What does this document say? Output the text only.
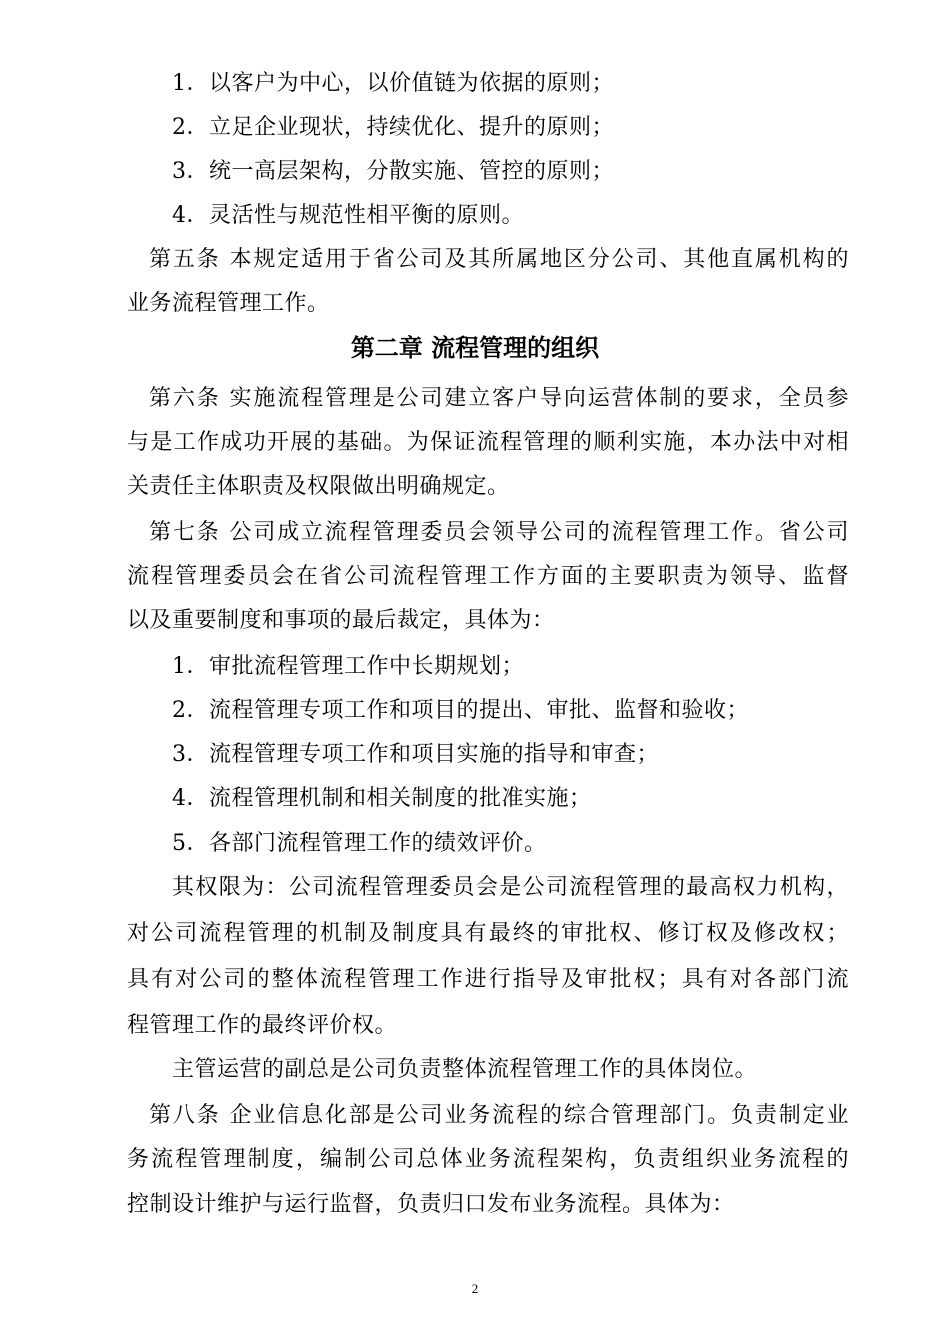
1．以客户为中心，以价值链为依据的原则；

2．立足企业现状，持续优化、提升的原则；

3．统一高层架构，分散实施、管控的原则；

4．灵活性与规范性相平衡的原则。

第五条 本规定适用于省公司及其所属地区分公司、其他直属机构的

业务流程管理工作。

第二章 流程管理的组织

第六条 实施流程管理是公司建立客户导向运营体制的要求，全员参

与是工作成功开展的基础。为保证流程管理的顺利实施，本办法中对相

关责任主体职责及权限做出明确规定。

第七条 公司成立流程管理委员会领导公司的流程管理工作。省公司

流程管理委员会在省公司流程管理工作方面的主要职责为领导、监督

以及重要制度和事项的最后裁定，具体为：

1．审批流程管理工作中长期规划；

2．流程管理专项工作和项目的提出、审批、监督和验收；

3．流程管理专项工作和项目实施的指导和审查；

4．流程管理机制和相关制度的批准实施；

5．各部门流程管理工作的绩效评价。

其权限为：公司流程管理委员会是公司流程管理的最高权力机构，

对公司流程管理的机制及制度具有最终的审批权、修订权及修改权；

具有对公司的整体流程管理工作进行指导及审批权；具有对各部门流

程管理工作的最终评价权。

主管运营的副总是公司负责整体流程管理工作的具体岗位。

第八条 企业信息化部是公司业务流程的综合管理部门。负责制定业

务流程管理制度，编制公司总体业务流程架构，负责组织业务流程的

控制设计维护与运行监督，负责归口发布业务流程。具体为：

2
